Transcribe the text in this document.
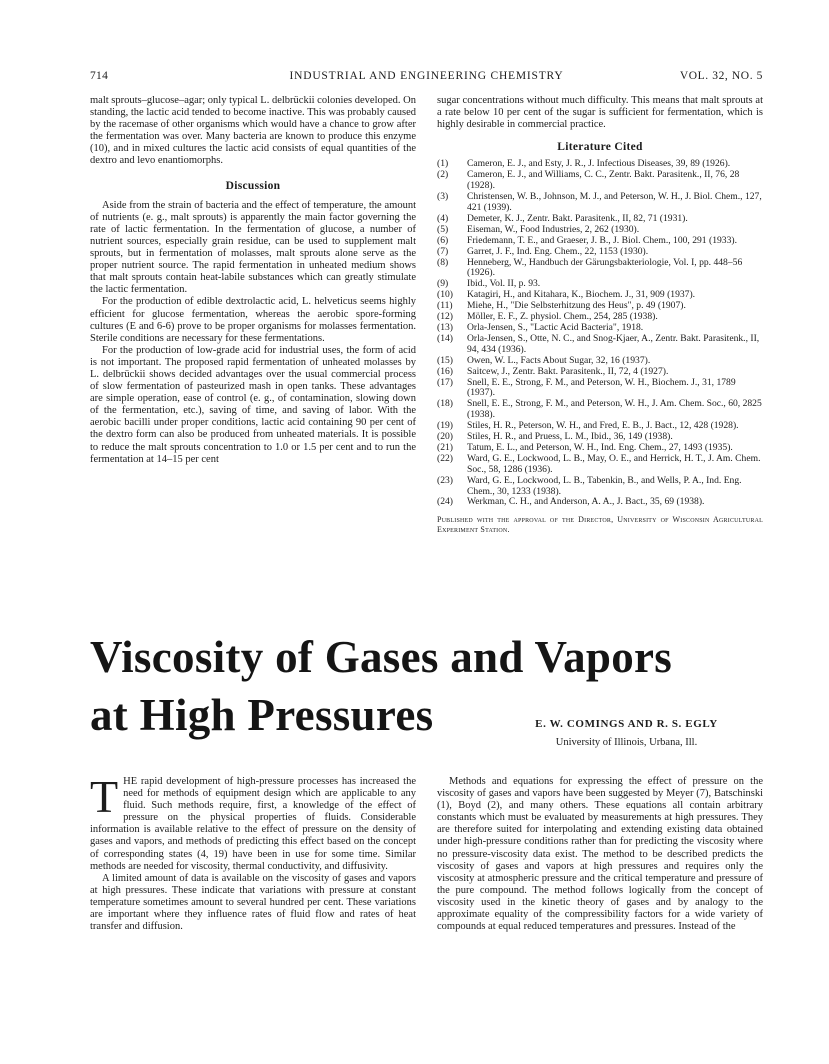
714	INDUSTRIAL AND ENGINEERING CHEMISTRY	VOL. 32, NO. 5

malt sprouts–glucose–agar; only typical L. delbrückii colonies developed. On standing, the lactic acid tended to become inactive. This was probably caused by the racemase of other organisms which would have a chance to grow after the fermentation was over. Many bacteria are known to produce this enzyme (10), and in mixed cultures the lactic acid consists of equal quantities of the dextro and levo enantiomorphs.

Discussion

Aside from the strain of bacteria and the effect of temperature, the amount of nutrients (e. g., malt sprouts) is apparently the main factor governing the rate of lactic fermentation. In the fermentation of glucose, a number of nutrient sources, especially grain residue, can be used to supplement malt sprouts, but in fermentation of molasses, malt sprouts alone serve as the proper nutrient source. The rapid fermentation in unheated medium shows that malt sprouts contain heat-labile substances which can greatly stimulate the lactic fermentation.

For the production of edible dextrolactic acid, L. helveticus seems highly efficient for glucose fermentation, whereas the aerobic spore-forming cultures (E and 6-6) prove to be proper organisms for molasses fermentation. Sterile conditions are necessary for these fermentations.

For the production of low-grade acid for industrial uses, the form of acid is not important. The proposed rapid fermentation of unheated molasses by L. delbrückii shows decided advantages over the usual commercial process of slow fermentation of pasteurized mash in open tanks. These advantages are simple operation, ease of control (e. g., of contamination, slowing down of the fermentation, etc.), saving of time, and saving of labor. With the aerobic bacilli under proper conditions, lactic acid containing 90 per cent of the dextro form can also be produced from unheated materials. It is possible to reduce the malt sprouts concentration to 1.0 or 1.5 per cent and to run the fermentation at 14–15 per cent

sugar concentrations without much difficulty. This means that malt sprouts at a rate below 10 per cent of the sugar is sufficient for fermentation, which is highly desirable in commercial practice.

Literature Cited
(1)	Cameron, E. J., and Esty, J. R., J. Infectious Diseases, 39, 89 (1926).
(2)	Cameron, E. J., and Williams, C. C., Zentr. Bakt. Parasitenk., II, 76, 28 (1928).
(3)	Christensen, W. B., Johnson, M. J., and Peterson, W. H., J. Biol. Chem., 127, 421 (1939).
(4)	Demeter, K. J., Zentr. Bakt. Parasitenk., II, 82, 71 (1931).
(5)	Eiseman, W., Food Industries, 2, 262 (1930).
(6)	Friedemann, T. E., and Graeser, J. B., J. Biol. Chem., 100, 291 (1933).
(7)	Garret, J. F., Ind. Eng. Chem., 22, 1153 (1930).
(8)	Henneberg, W., Handbuch der Gärungsbakteriologie, Vol. I, pp. 448–56 (1926).
(9)	Ibid., Vol. II, p. 93.
(10)	Katagiri, H., and Kitahara, K., Biochem. J., 31, 909 (1937).
(11)	Miehe, H., "Die Selbsterhitzung des Heus", p. 49 (1907).
(12)	Möller, E. F., Z. physiol. Chem., 254, 285 (1938).
(13)	Orla-Jensen, S., "Lactic Acid Bacteria", 1918.
(14)	Orla-Jensen, S., Otte, N. C., and Snog-Kjaer, A., Zentr. Bakt. Parasitenk., II, 94, 434 (1936).
(15)	Owen, W. L., Facts About Sugar, 32, 16 (1937).
(16)	Saitcew, J., Zentr. Bakt. Parasitenk., II, 72, 4 (1927).
(17)	Snell, E. E., Strong, F. M., and Peterson, W. H., Biochem. J., 31, 1789 (1937).
(18)	Snell, E. E., Strong, F. M., and Peterson, W. H., J. Am. Chem. Soc., 60, 2825 (1938).
(19)	Stiles, H. R., Peterson, W. H., and Fred, E. B., J. Bact., 12, 428 (1928).
(20)	Stiles, H. R., and Pruess, L. M., Ibid., 36, 149 (1938).
(21)	Tatum, E. L., and Peterson, W. H., Ind. Eng. Chem., 27, 1493 (1935).
(22)	Ward, G. E., Lockwood, L. B., May, O. E., and Herrick, H. T., J. Am. Chem. Soc., 58, 1286 (1936).
(23)	Ward, G. E., Lockwood, L. B., Tabenkin, B., and Wells, P. A., Ind. Eng. Chem., 30, 1233 (1938).
(24)	Werkman, C. H., and Anderson, A. A., J. Bact., 35, 69 (1938).
Published with the approval of the Director, University of Wisconsin Agricultural Experiment Station.
Viscosity of Gases and Vapors
at High Pressures	E. W. COMINGS AND R. S. EGLY
University of Illinois, Urbana, Ill.

T HE rapid development of high-pressure processes has increased the need for methods of equipment design which are applicable to any fluid. Such methods require, first, a knowledge of the effect of pressure on the physical properties of fluids. Considerable information is available relative to the effect of pressure on the density of gases and vapors, and methods of predicting this effect based on the concept of corresponding states (4, 19) have been in use for some time. Similar methods are needed for viscosity, thermal conductivity, and diffusivity.

A limited amount of data is available on the viscosity of gases and vapors at high pressures. These indicate that variations with pressure at constant temperature sometimes amount to several hundred per cent. These variations are important where they influence rates of fluid flow and rates of heat transfer and diffusion.

Methods and equations for expressing the effect of pressure on the viscosity of gases and vapors have been suggested by Meyer (7), Batschinski (1), Boyd (2), and many others. These equations all contain arbitrary constants which must be evaluated by measurements at high pressures. They are therefore suited for interpolating and extending existing data obtained under high-pressure conditions rather than for predicting the viscosity where no pressure-viscosity data exist. The method to be described predicts the viscosity of gases and vapors at high pressures and requires only the viscosity at atmospheric pressure and the critical temperature and pressure of the pure compound. The method follows logically from the concept of viscosity used in the kinetic theory of gases and by analogy to the approximate equality of the compressibility factors for a wide variety of compounds at equal reduced temperatures and pressures. Instead of the
